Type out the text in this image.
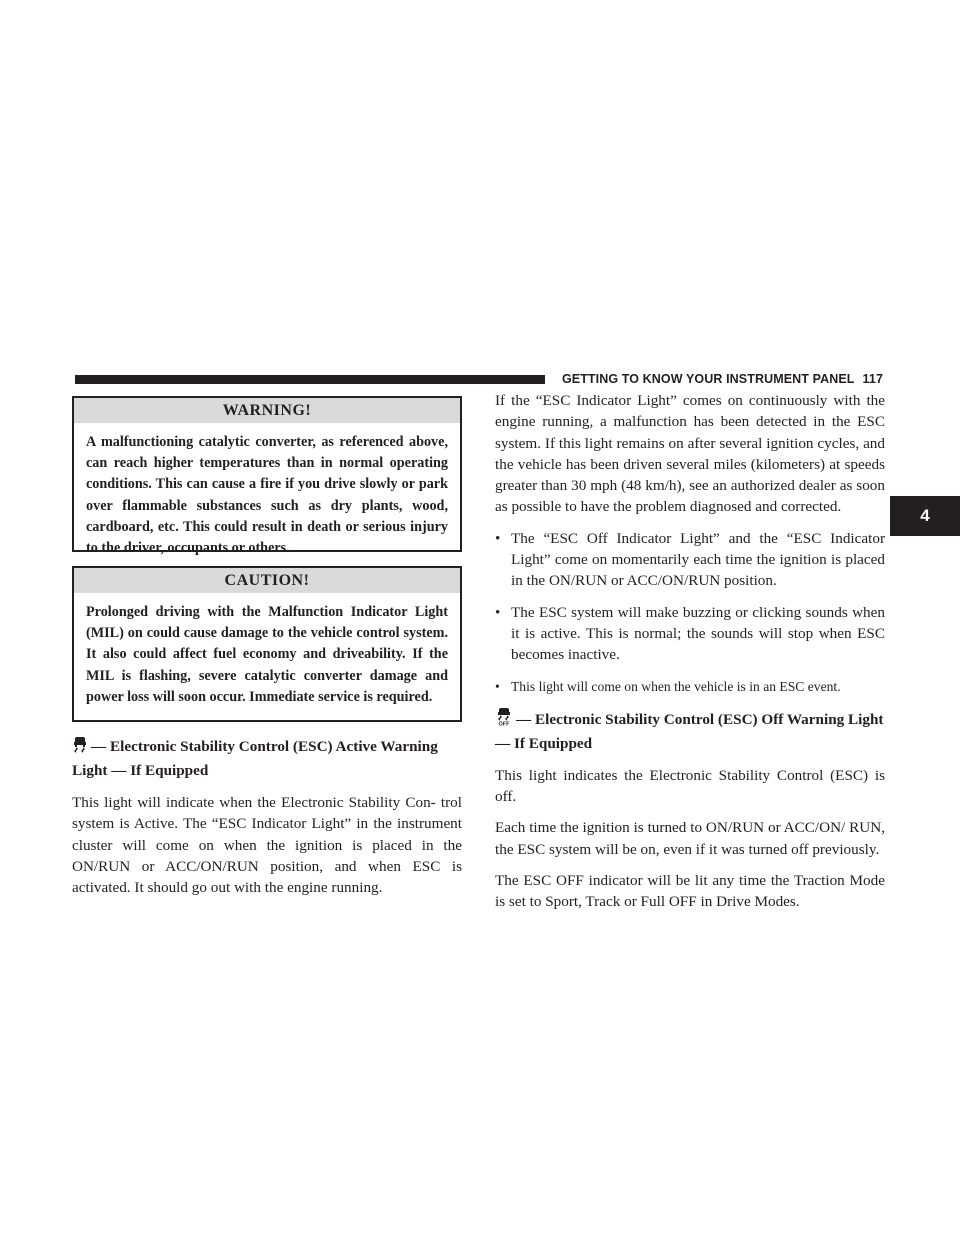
GETTING TO KNOW YOUR INSTRUMENT PANEL 117
4
WARNING!
A malfunctioning catalytic converter, as referenced above, can reach higher temperatures than in normal operating conditions. This can cause a fire if you drive slowly or park over flammable substances such as dry plants, wood, cardboard, etc. This could result in death or serious injury to the driver, occupants or others.
CAUTION!
Prolonged driving with the Malfunction Indicator Light (MIL) on could cause damage to the vehicle control system. It also could affect fuel economy and driveability. If the MIL is flashing, severe catalytic converter damage and power loss will soon occur. Immediate service is required.
— Electronic Stability Control (ESC) Active Warning Light — If Equipped

This light will indicate when the Electronic Stability Con- trol system is Active. The “ESC Indicator Light” in the instrument cluster will come on when the ignition is placed in the ON/RUN or ACC/ON/RUN position, and when ESC is activated. It should go out with the engine running.

If the “ESC Indicator Light” comes on continuously with the engine running, a malfunction has been detected in the ESC system. If this light remains on after several ignition cycles, and the vehicle has been driven several miles (kilometers) at speeds greater than 30 mph (48 km/h), see an authorized dealer as soon as possible to have the problem diagnosed and corrected.

• The “ESC Off Indicator Light” and the “ESC Indicator Light” come on momentarily each time the ignition is placed in the ON/RUN or ACC/ON/RUN position.
• The ESC system will make buzzing or clicking sounds when it is active. This is normal; the sounds will stop when ESC becomes inactive.
• This light will come on when the vehicle is in an ESC event.
OFF — Electronic Stability Control (ESC) Off Warning Light — If Equipped

This light indicates the Electronic Stability Control (ESC) is off.

Each time the ignition is turned to ON/RUN or ACC/ON/ RUN, the ESC system will be on, even if it was turned off previously.

The ESC OFF indicator will be lit any time the Traction Mode is set to Sport, Track or Full OFF in Drive Modes.
